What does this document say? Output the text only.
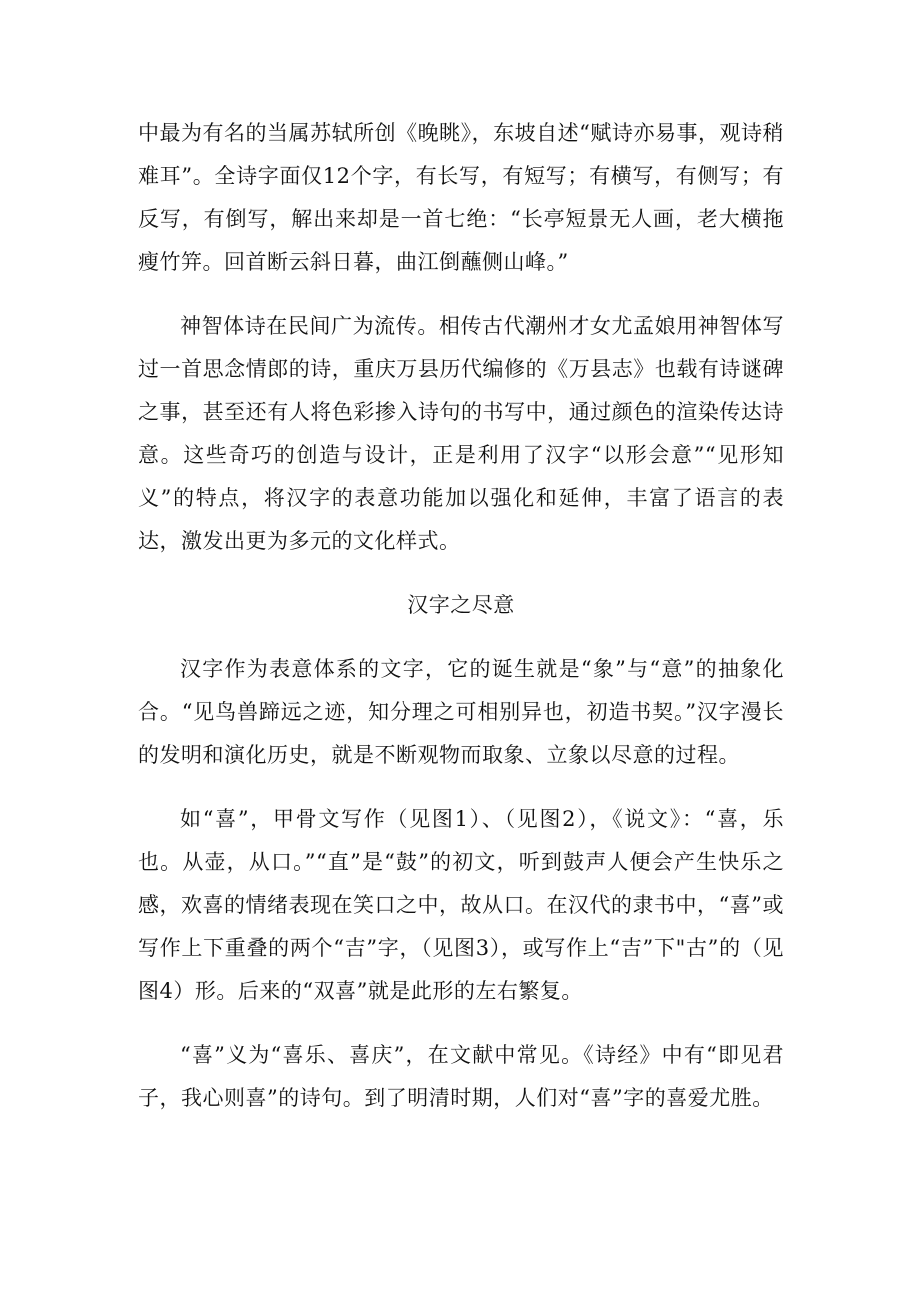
中最为有名的当属苏轼所创《晚眺》，东坡自述“赋诗亦易事，观诗稍难耳”。全诗字面仅12个字，有长写，有短写；有横写，有侧写；有反写，有倒写，解出来却是一首七绝：“长亭短景无人画，老大横拖瘦竹笄。回首断云斜日暮，曲江倒蘸侧山峰。”

神智体诗在民间广为流传。相传古代潮州才女尤孟娘用神智体写过一首思念情郎的诗，重庆万县历代编修的《万县志》也载有诗谜碑之事，甚至还有人将色彩掺入诗句的书写中，通过颜色的渲染传达诗意。这些奇巧的创造与设计，正是利用了汉字“以形会意”“见形知义”的特点，将汉字的表意功能加以强化和延伸，丰富了语言的表达，激发出更为多元的文化样式。

汉字之尽意

汉字作为表意体系的文字，它的诞生就是“象”与“意”的抽象化合。“见鸟兽蹄远之迹，知分理之可相别异也，初造书契。”汉字漫长的发明和演化历史，就是不断观物而取象、立象以尽意的过程。

如“喜”，甲骨文写作（见图1）、（见图2），《说文》：“喜，乐也。从壶，从口。”“直”是“鼓”的初文，听到鼓声人便会产生快乐之感，欢喜的情绪表现在笑口之中，故从口。在汉代的隶书中，“喜”或写作上下重叠的两个“吉”字，（见图3），或写作上“吉”下"古”的（见图4）形。后来的“双喜”就是此形的左右繁复。

“喜”义为“喜乐、喜庆”，在文献中常见。《诗经》中有“即见君子，我心则喜”的诗句。到了明清时期，人们对“喜”字的喜爱尤胜。
